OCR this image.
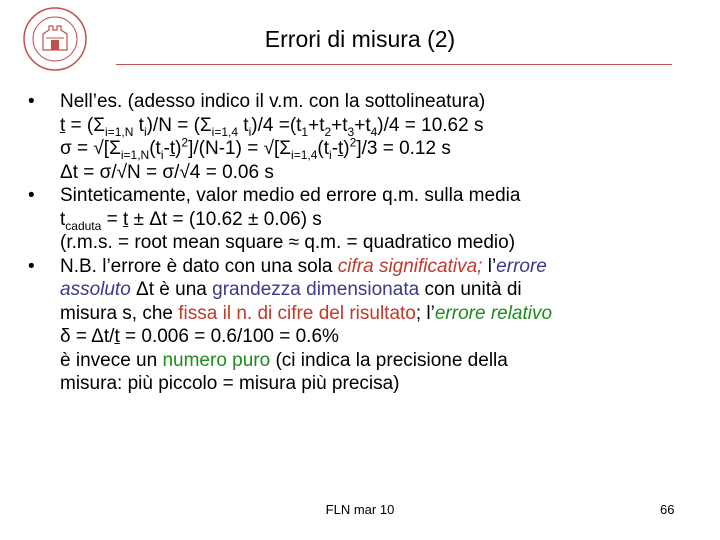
Errori di misura (2)
•	Nell’es. (adesso indico il v.m. con la sottolineatura)
$t = (\Sigma_{i=1,N}$ $t_i)/N = (\Sigma_{i=1,4}$ $t_i)/4 =(t_1+t_2+t_3+t_4)/4 = 10.62$ s
$\sigma = √[\Sigma_{i=1,N}(t_i-t)^2]/(N-1) = √[\Sigma_{i=1,4}(t_i-t)^2]/3 = 0.12$ s
Δt = σ/√N = σ/√4 = 0.06 s
•	Sinteticamente, valor medio ed errore q.m. sulla media
$t_{caduta} = t \pm \Delta t = (10.62 \pm 0.06)$ s
(r.m.s. = root mean square ≈ q.m. = quadratico medio)
•	N.B. l’errore è dato con una sola cifra significativa; l’errore
assoluto Δt è una grandezza dimensionata con unità di
misura s, che fissa il n. di cifre del risultato; l’errore relativo
δ = Δt/t = 0.006 = 0.6/100 = 0.6%
è invece un numero puro (ci indica la precisione della
misura: più piccolo = misura più precisa)
FLN mar 10	66
